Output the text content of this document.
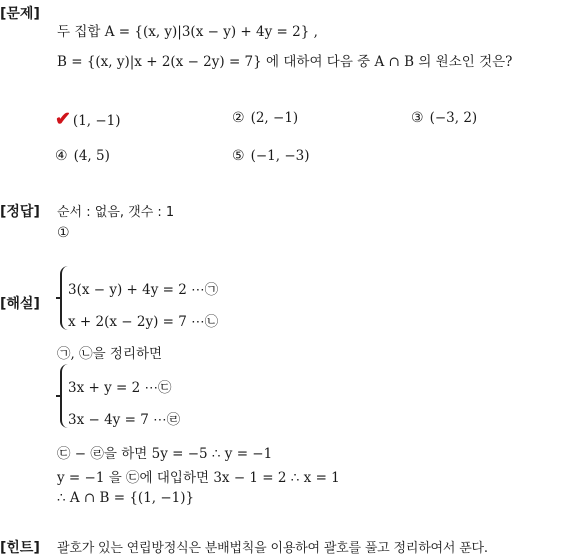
[문제]
두 집합 A = {(x, y)|3(x − y) + 4y = 2} ,
B = {(x, y)|x + 2(x − 2y) = 7} 에 대하여 다음 중 A ∩ B 의 원소인 것은?
✔ (1, −1)	② (2, −1)	③ (−3, 2)
④ (4, 5)	⑤ (−1, −3)
[정답] 순서 : 없음, 갯수 : 1
①
[해설]
3(x − y) + 4y = 2 ⋯㉠
x + 2(x − 2y) = 7 ⋯㉡
㉠, ㉡을 정리하면
3x + y = 2 ⋯㉢
3x − 4y = 7 ⋯㉣
㉢ − ㉣을 하면 5y = −5 ∴ y = −1
y = −1 을 ㉢에 대입하면 3x − 1 = 2 ∴ x = 1
∴ A ∩ B = {(1, −1)}
[힌트] 괄호가 있는 연립방정식은 분배법칙을 이용하여 괄호를 풀고 정리하여서 푼다.
